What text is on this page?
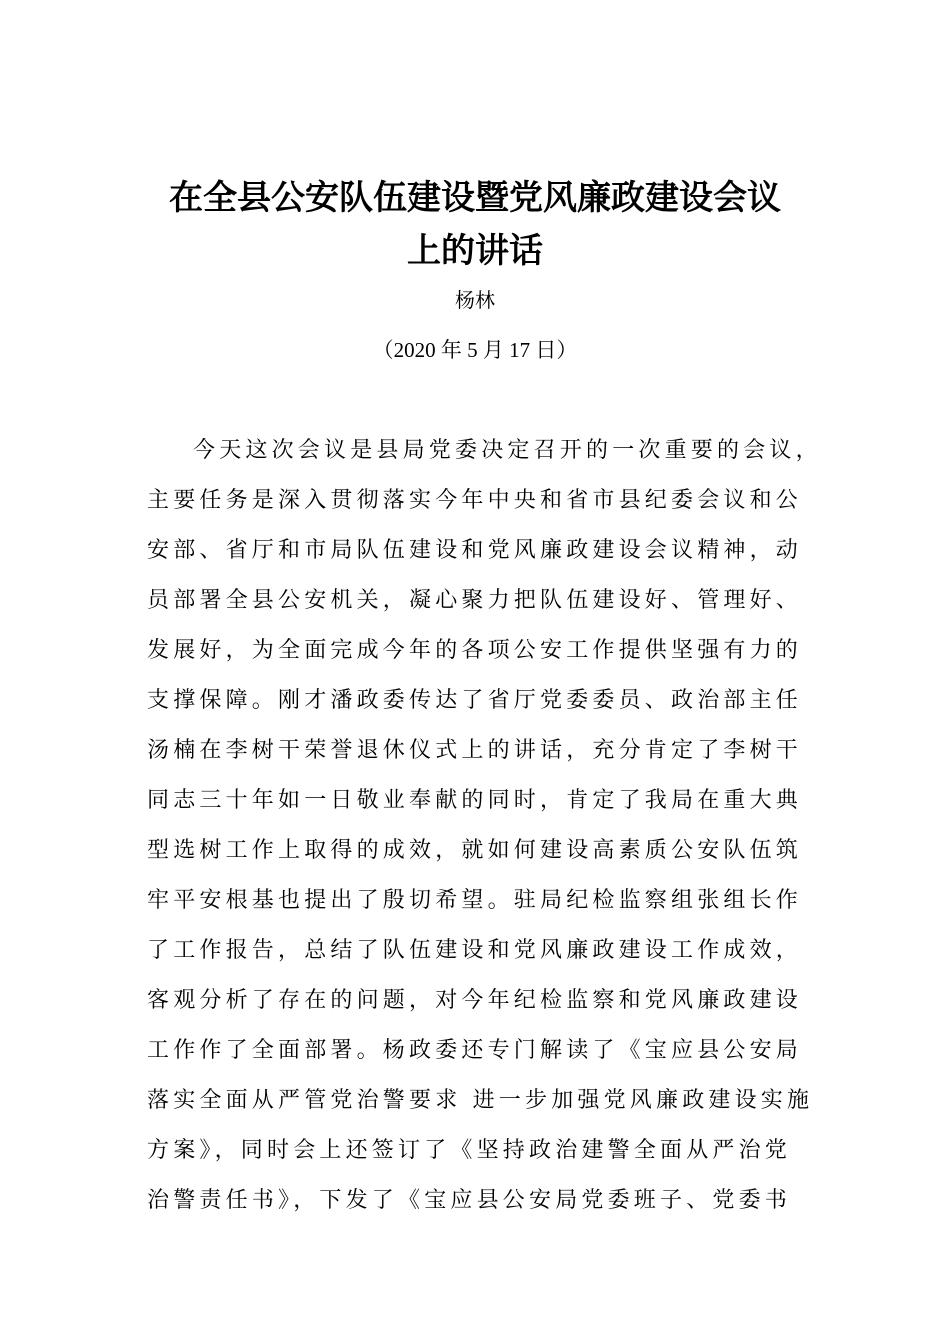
在全县公安队伍建设暨党风廉政建设会议
上的讲话
杨林
（2020 年 5 月 17 日）
今天这次会议是县局党委决定召开的一次重要的会议，
主要任务是深入贯彻落实今年中央和省市县纪委会议和公
安部、省厅和市局队伍建设和党风廉政建设会议精神，动
员部署全县公安机关，凝心聚力把队伍建设好、管理好、
发展好，为全面完成今年的各项公安工作提供坚强有力的
支撑保障。刚才潘政委传达了省厅党委委员、政治部主任
汤楠在李树干荣誉退休仪式上的讲话，充分肯定了李树干
同志三十年如一日敬业奉献的同时，肯定了我局在重大典
型选树工作上取得的成效，就如何建设高素质公安队伍筑
牢平安根基也提出了殷切希望。驻局纪检监察组张组长作
了工作报告，总结了队伍建设和党风廉政建设工作成效，
客观分析了存在的问题，对今年纪检监察和党风廉政建设
工作作了全面部署。杨政委还专门解读了《宝应县公安局
落实全面从严管党治警要求 进一步加强党风廉政建设实施
方案》，同时会上还签订了《坚持政治建警全面从严治党
治警责任书》，下发了《宝应县公安局党委班子、党委书
